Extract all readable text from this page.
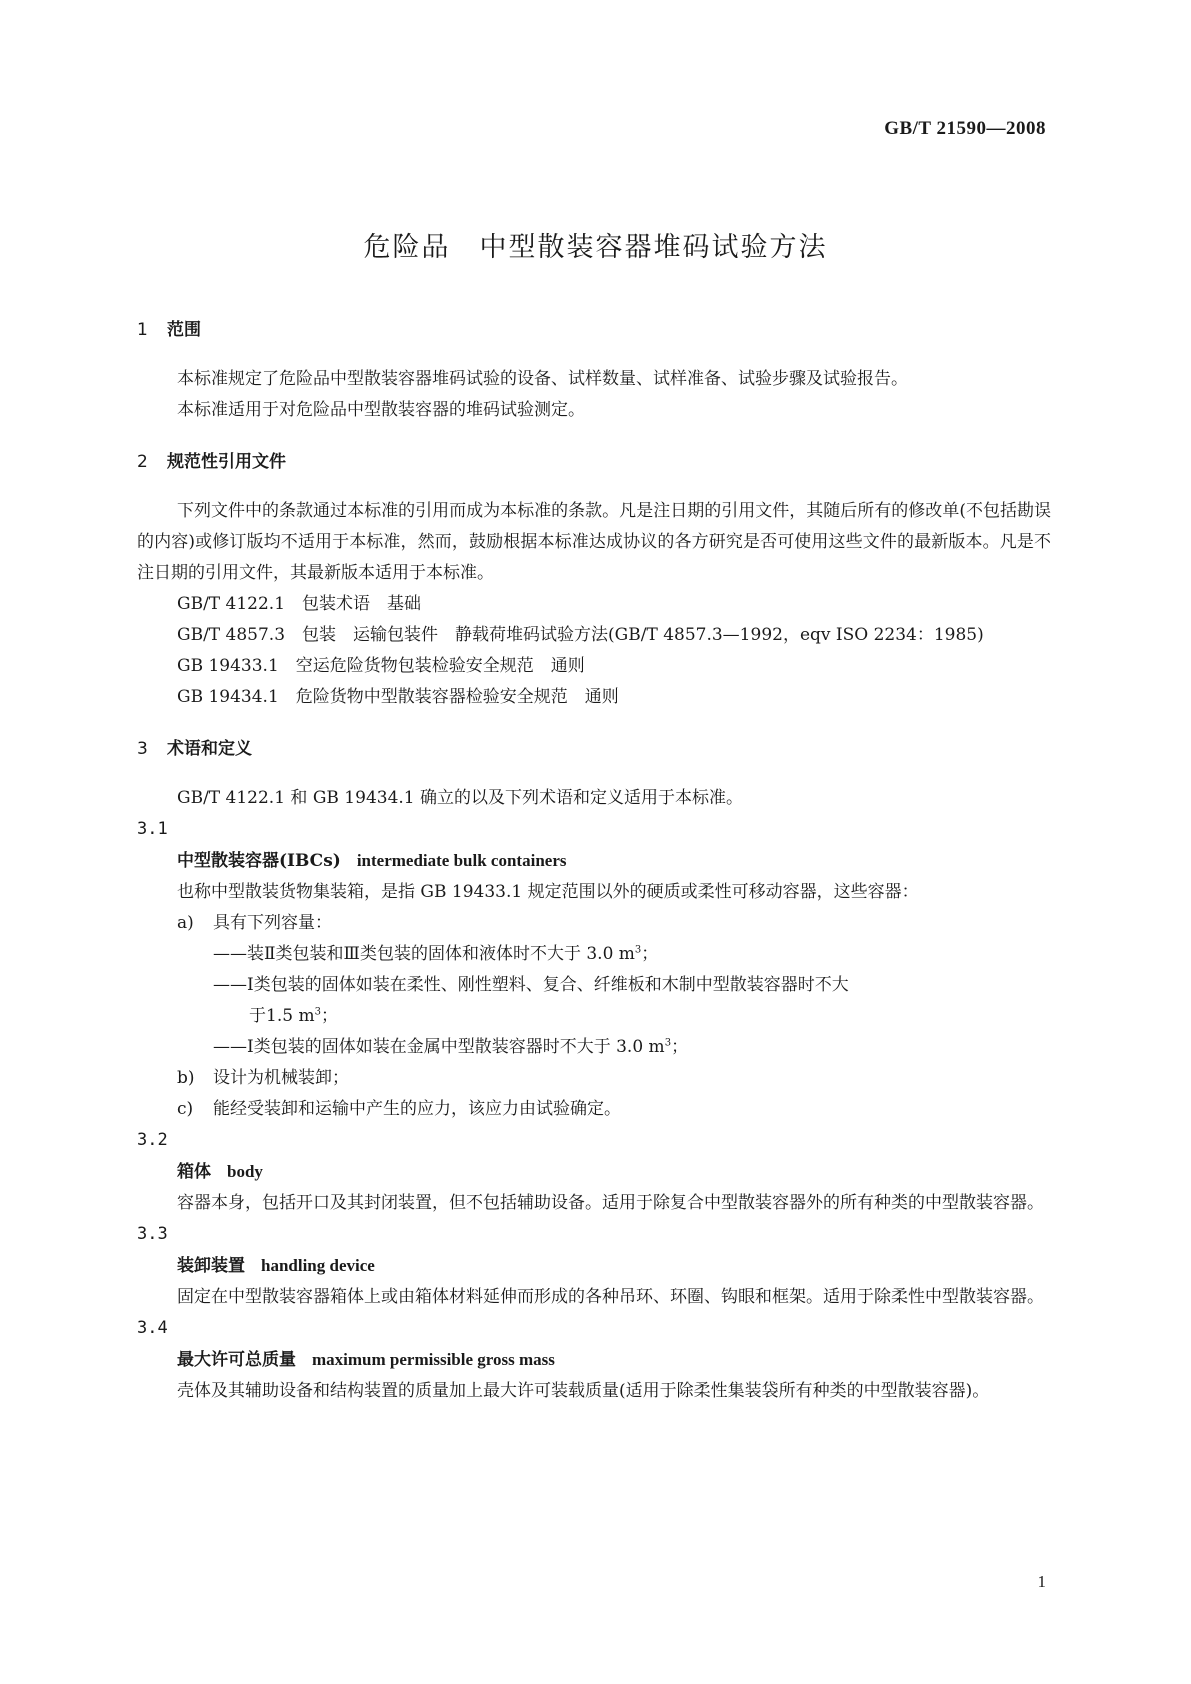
GB/T 21590—2008
危险品　中型散装容器堆码试验方法
1 范围
本标准规定了危险品中型散装容器堆码试验的设备、试样数量、试样准备、试验步骤及试验报告。
本标准适用于对危险品中型散装容器的堆码试验测定。
2 规范性引用文件
下列文件中的条款通过本标准的引用而成为本标准的条款。凡是注日期的引用文件，其随后所有的修改单(不包括勘误的内容)或修订版均不适用于本标准，然而，鼓励根据本标准达成协议的各方研究是否可使用这些文件的最新版本。凡是不注日期的引用文件，其最新版本适用于本标准。
GB/T 4122.1　包装术语　基础
GB/T 4857.3　包装　运输包装件　静载荷堆码试验方法(GB/T 4857.3—1992，eqv ISO 2234：1985)
GB 19433.1　空运危险货物包装检验安全规范　通则
GB 19434.1　危险货物中型散装容器检验安全规范　通则
3 术语和定义
GB/T 4122.1 和 GB 19434.1 确立的以及下列术语和定义适用于本标准。
3.1
中型散装容器(IBCs) intermediate bulk containers
也称中型散装货物集装箱，是指 GB 19433.1 规定范围以外的硬质或柔性可移动容器，这些容器：
a) 具有下列容量：
——装Ⅱ类包装和Ⅲ类包装的固体和液体时不大于 3.0 $m^3$；
——Ⅰ类包装的固体如装在柔性、刚性塑料、复合、纤维板和木制中型散装容器时不大
于1.5 $m^3$；
——Ⅰ类包装的固体如装在金属中型散装容器时不大于 3.0 $m^3$；
b) 设计为机械装卸；
c) 能经受装卸和运输中产生的应力，该应力由试验确定。
3.2
箱体 body
容器本身，包括开口及其封闭装置，但不包括辅助设备。适用于除复合中型散装容器外的所有种类的中型散装容器。
3.3
装卸装置 handling device
固定在中型散装容器箱体上或由箱体材料延伸而形成的各种吊环、环圈、钩眼和框架。适用于除柔性中型散装容器。
3.4
最大许可总质量 maximum permissible gross mass
壳体及其辅助设备和结构装置的质量加上最大许可装载质量(适用于除柔性集装袋所有种类的中型散装容器)。
1
